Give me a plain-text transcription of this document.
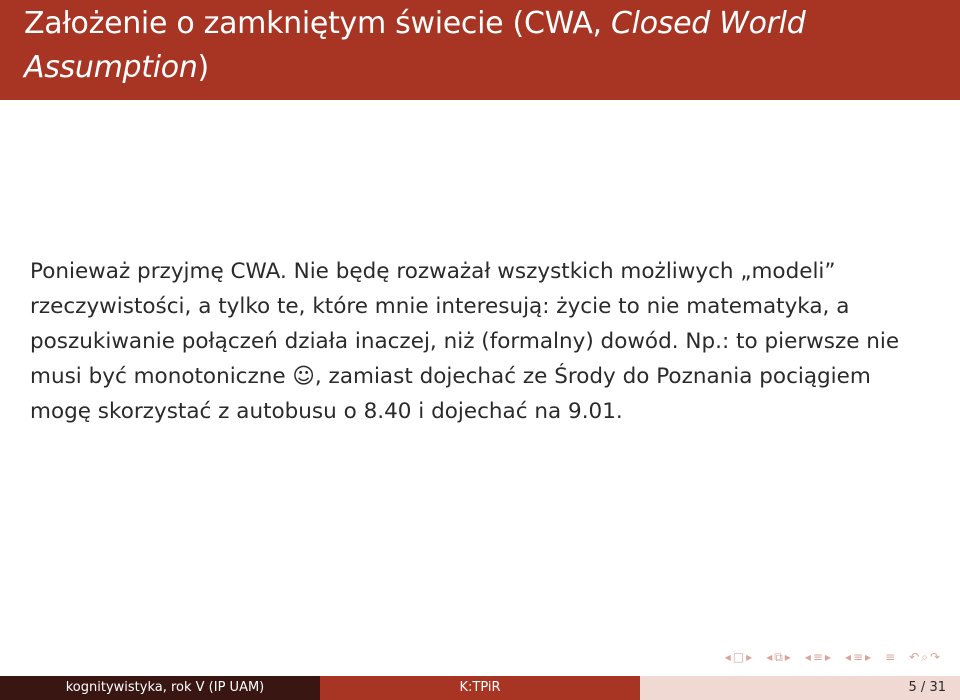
Założenie o zamkniętym świecie (CWA, Closed World Assumption)

Ponieważ przyjmę CWA. Nie będę rozważał wszystkich możliwych „modeli” rzeczywistości, a tylko te, które mnie interesują: życie to nie matematyka, a poszukiwanie połączeń działa inaczej, niż (formalny) dowód. Np.: to pierwsze nie musi być monotoniczne ☺, zamiast dojechać ze Środy do Poznania pociągiem mogę skorzystać z autobusu o 8.40 i dojechać na 9.01.

◂ □ ▸ ◂ ⧉ ▸ ◂ ≡ ▸ ◂ ≡ ▸ ≡ ↶ ⌕ ↷
kognitywistyka, rok V (IP UAM)	K:TPiR	5 / 31
